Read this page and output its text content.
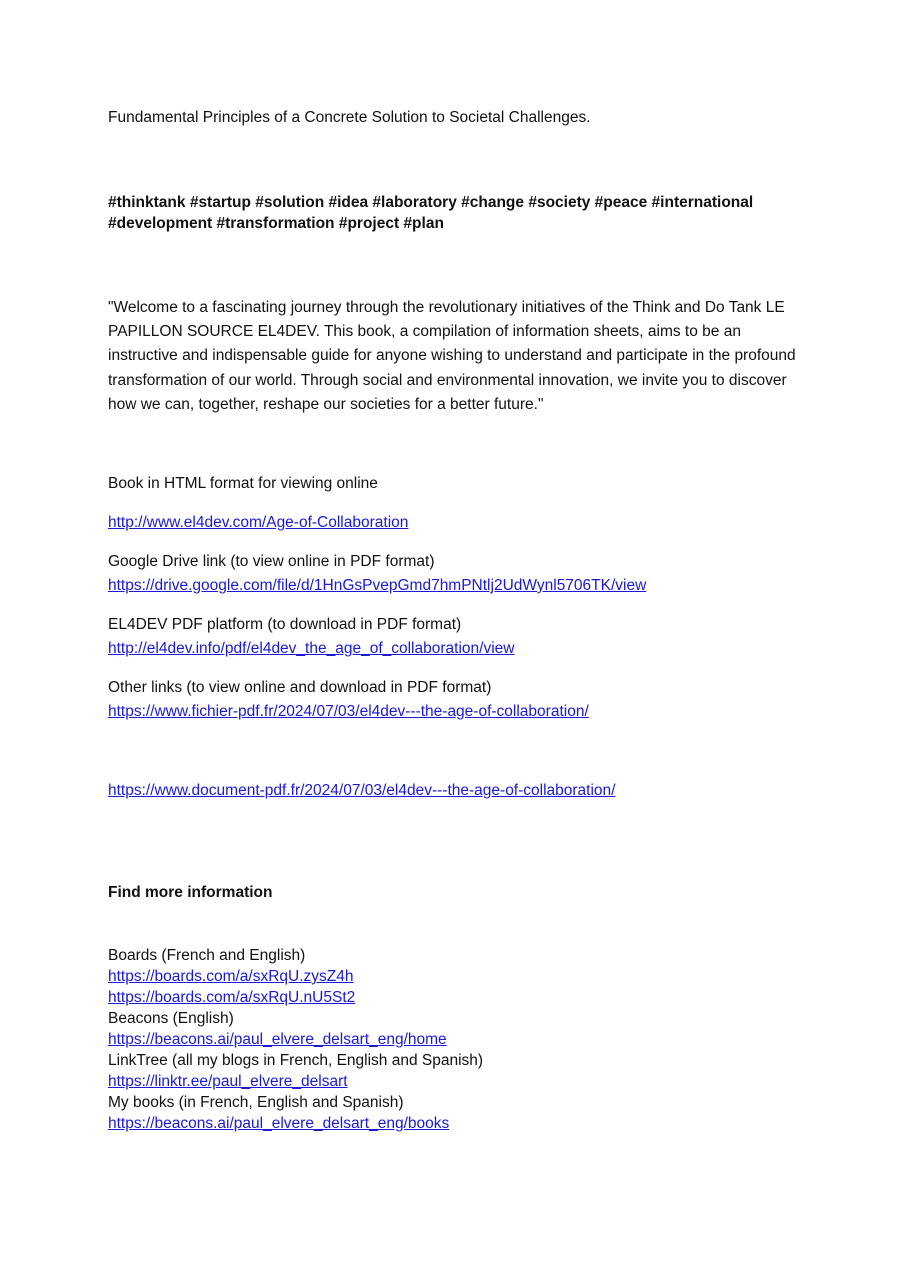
Fundamental Principles of a Concrete Solution to Societal Challenges.

#thinktank #startup #solution #idea #laboratory #change #society #peace #international #development #transformation #project #plan

"Welcome to a fascinating journey through the revolutionary initiatives of the Think and Do Tank LE PAPILLON SOURCE EL4DEV. This book, a compilation of information sheets, aims to be an instructive and indispensable guide for anyone wishing to understand and participate in the profound transformation of our world. Through social and environmental innovation, we invite you to discover how we can, together, reshape our societies for a better future."

Book in HTML format for viewing online

http://www.el4dev.com/Age-of-Collaboration

Google Drive link (to view online in PDF format)

https://drive.google.com/file/d/1HnGsPvepGmd7hmPNtlj2UdWynl5706TK/view

EL4DEV PDF platform (to download in PDF format)

http://el4dev.info/pdf/el4dev_the_age_of_collaboration/view

Other links (to view online and download in PDF format)

https://www.fichier-pdf.fr/2024/07/03/el4dev---the-age-of-collaboration/

https://www.document-pdf.fr/2024/07/03/el4dev---the-age-of-collaboration/

Find more information

Boards (French and English)

https://boards.com/a/sxRqU.zysZ4h

https://boards.com/a/sxRqU.nU5St2

Beacons (English)

https://beacons.ai/paul_elvere_delsart_eng/home

LinkTree (all my blogs in French, English and Spanish)

https://linktr.ee/paul_elvere_delsart

My books (in French, English and Spanish)

https://beacons.ai/paul_elvere_delsart_eng/books
